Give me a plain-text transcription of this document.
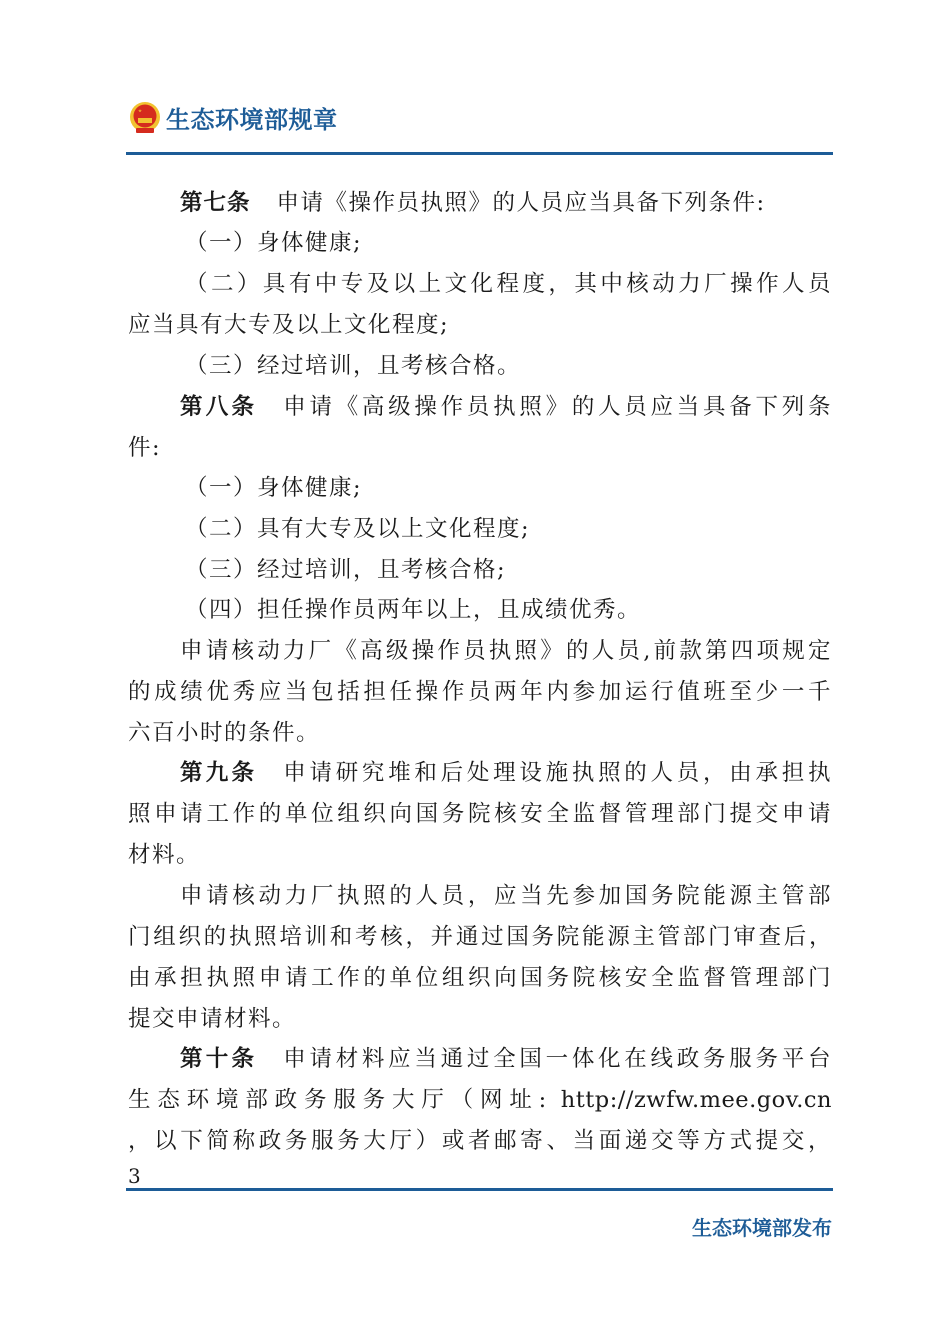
生态环境部规章
第七条 申请《操作员执照》的人员应当具备下列条件:
（一）身体健康;
（二）具有中专及以上文化程度，其中核动力厂操作人员
应当具有大专及以上文化程度;
（三）经过培训，且考核合格。
第八条 申请《高级操作员执照》的人员应当具备下列条
件:
（一）身体健康;
（二）具有大专及以上文化程度;
（三）经过培训，且考核合格;
（四）担任操作员两年以上，且成绩优秀。
申请核动力厂《高级操作员执照》的人员,前款第四项规定
的成绩优秀应当包括担任操作员两年内参加运行值班至少一千
六百小时的条件。
第九条 申请研究堆和后处理设施执照的人员，由承担执
照申请工作的单位组织向国务院核安全监督管理部门提交申请
材料。
申请核动力厂执照的人员，应当先参加国务院能源主管部
门组织的执照培训和考核，并通过国务院能源主管部门审查后，
由承担执照申请工作的单位组织向国务院核安全监督管理部门
提交申请材料。
第十条 申请材料应当通过全国一体化在线政务服务平台
生态环境部政务服务大厅（网址: http://zwfw.mee.gov.cn
，以下简称政务服务大厅）或者邮寄、当面递交等方式提交，
3
生态环境部发布
